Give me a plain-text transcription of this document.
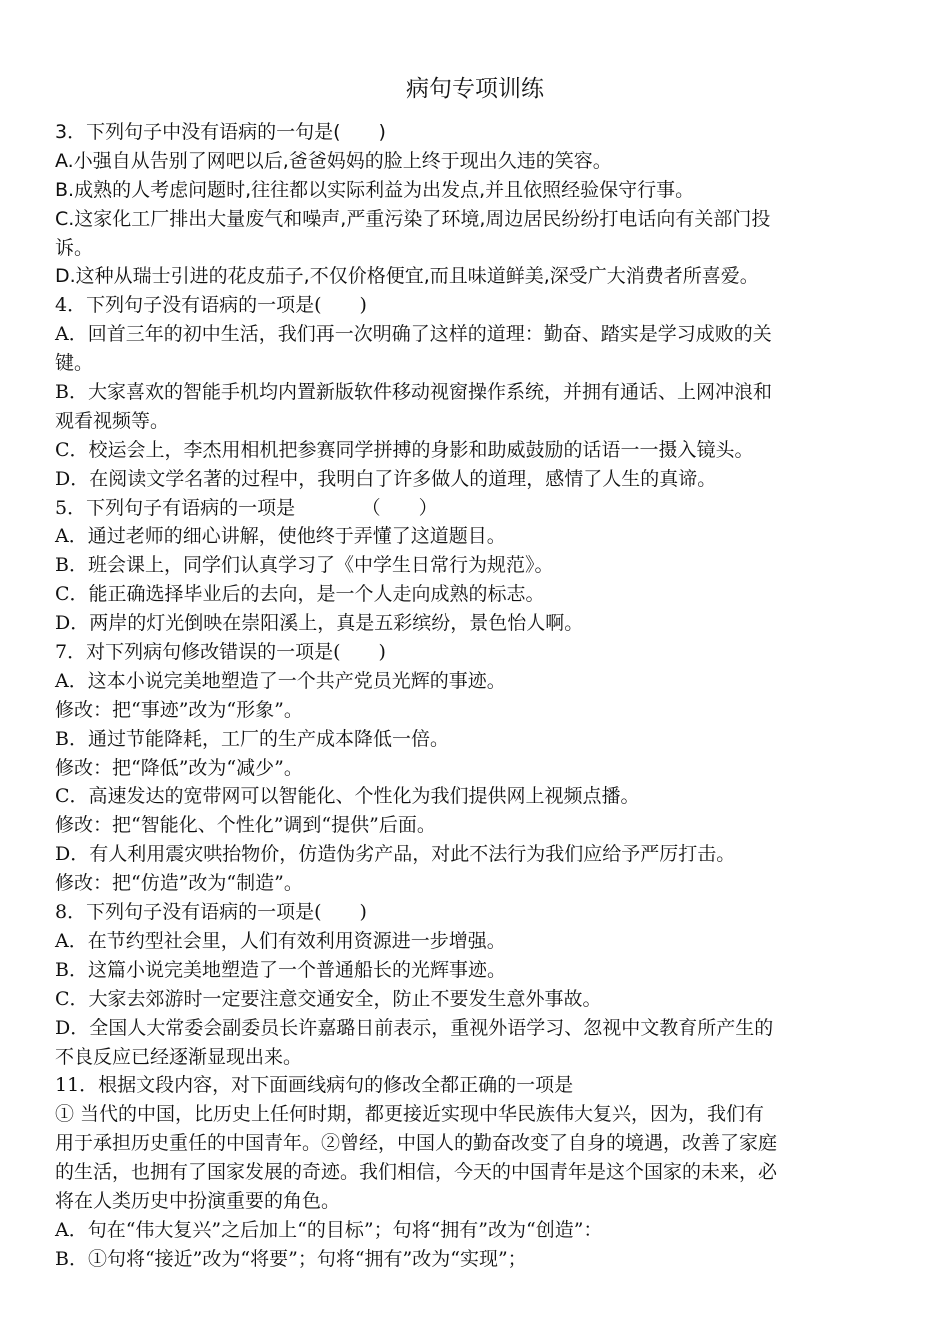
病句专项训练
3．下列句子中没有语病的一句是(　　)
A.小强自从告别了网吧以后,爸爸妈妈的脸上终于现出久违的笑容。
B.成熟的人考虑问题时,往往都以实际利益为出发点,并且依照经验保守行事。
C.这家化工厂排出大量废气和噪声,严重污染了环境,周边居民纷纷打电话向有关部门投
诉。
D.这种从瑞士引进的花皮茄子,不仅价格便宜,而且味道鲜美,深受广大消费者所喜爱。
4．下列句子没有语病的一项是(　　)
A．回首三年的初中生活，我们再一次明确了这样的道理：勤奋、踏实是学习成败的关
键。
B．大家喜欢的智能手机均内置新版软件移动视窗操作系统，并拥有通话、上网冲浪和
观看视频等。
C．校运会上，李杰用相机把参赛同学拼搏的身影和助威鼓励的话语一一摄入镜头。
D．在阅读文学名著的过程中，我明白了许多做人的道理，感情了人生的真谛。
5．下列句子有语病的一项是　　　　（　　）
A．通过老师的细心讲解，使他终于弄懂了这道题目。
B．班会课上，同学们认真学习了《中学生日常行为规范》。
C．能正确选择毕业后的去向，是一个人走向成熟的标志。
D．两岸的灯光倒映在崇阳溪上，真是五彩缤纷，景色怡人啊。
7．对下列病句修改错误的一项是(　　)
A．这本小说完美地塑造了一个共产党员光辉的事迹。
修改：把“事迹”改为“形象”。
B．通过节能降耗，工厂的生产成本降低一倍。
修改：把“降低”改为“减少”。
C．高速发达的宽带网可以智能化、个性化为我们提供网上视频点播。
修改：把“智能化、个性化”调到“提供”后面。
D．有人利用震灾哄抬物价，仿造伪劣产品，对此不法行为我们应给予严厉打击。
修改：把“仿造”改为“制造”。
8．下列句子没有语病的一项是(　　)
A．在节约型社会里，人们有效利用资源进一步增强。
B．这篇小说完美地塑造了一个普通船长的光辉事迹。
C．大家去郊游时一定要注意交通安全，防止不要发生意外事故。
D．全国人大常委会副委员长许嘉璐日前表示，重视外语学习、忽视中文教育所产生的
不良反应已经逐渐显现出来。
11．根据文段内容，对下面画线病句的修改全都正确的一项是
① 当代的中国，比历史上任何时期，都更接近实现中华民族伟大复兴，因为，我们有
用于承担历史重任的中国青年。②曾经，中国人的勤奋改变了自身的境遇，改善了家庭
的生活，也拥有了国家发展的奇迹。我们相信，今天的中国青年是这个国家的未来，必
将在人类历史中扮演重要的角色。
A．句在“伟大复兴”之后加上“的目标”；句将“拥有”改为“创造”：
B．①句将“接近”改为“将要”；句将“拥有”改为“实现”；
